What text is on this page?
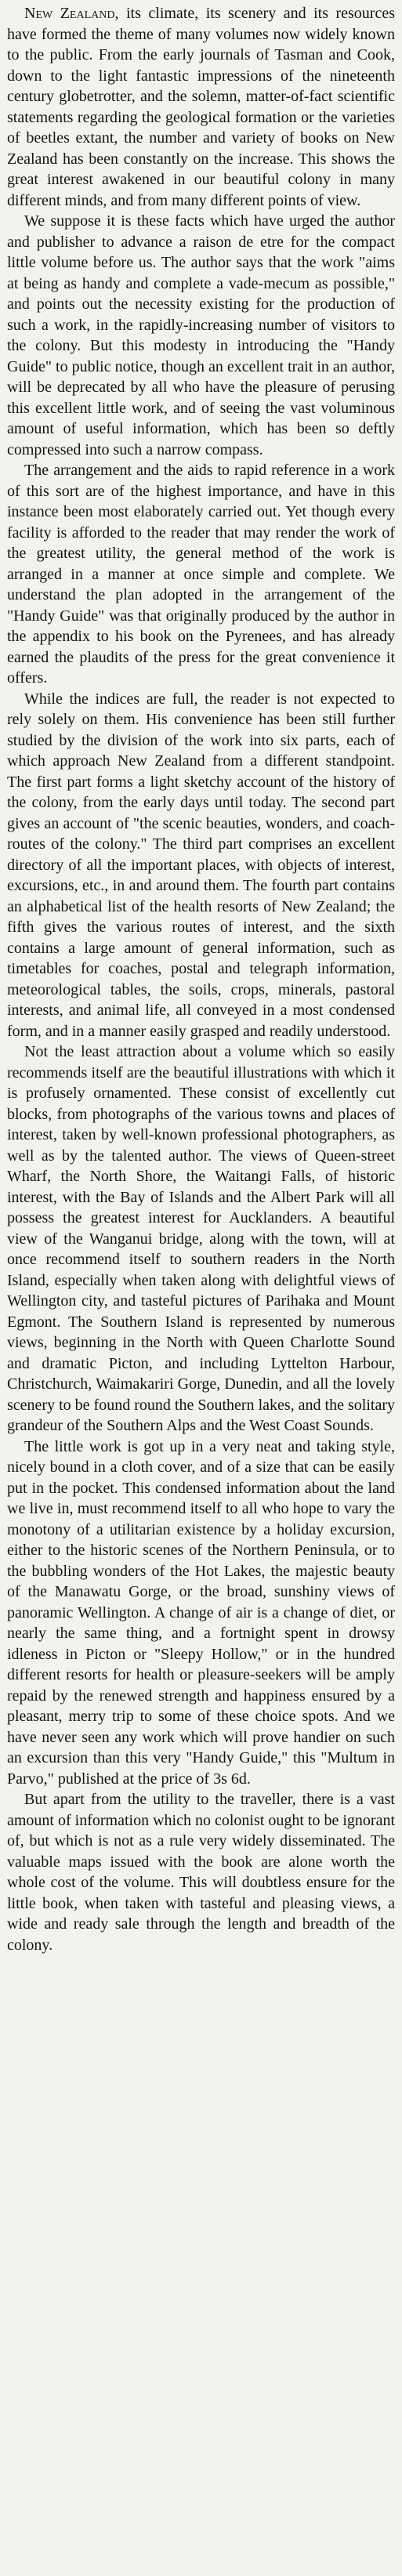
New Zealand, its climate, its scenery and its resources have formed the theme of many volumes now widely known to the public. From the early journals of Tasman and Cook, down to the light fantastic impressions of the nineteenth century globetrotter, and the solemn, matter-of-fact scientific statements regarding the geological formation or the varieties of beetles extant, the number and variety of books on New Zealand has been constantly on the increase. This shows the great interest awakened in our beautiful colony in many different minds, and from many different points of view.

We suppose it is these facts which have urged the author and publisher to advance a raison de etre for the compact little volume before us. The author says that the work "aims at being as handy and complete a vade-mecum as possible," and points out the necessity existing for the production of such a work, in the rapidly-increasing number of visitors to the colony. But this modesty in introducing the "Handy Guide" to public notice, though an excellent trait in an author, will be deprecated by all who have the pleasure of perusing this excellent little work, and of seeing the vast voluminous amount of useful information, which has been so deftly compressed into such a narrow compass.

The arrangement and the aids to rapid reference in a work of this sort are of the highest importance, and have in this instance been most elaborately carried out. Yet though every facility is afforded to the reader that may render the work of the greatest utility, the general method of the work is arranged in a manner at once simple and complete. We understand the plan adopted in the arrangement of the "Handy Guide" was that originally produced by the author in the appendix to his book on the Pyrenees, and has already earned the plaudits of the press for the great convenience it offers.

While the indices are full, the reader is not expected to rely solely on them. His convenience has been still further studied by the division of the work into six parts, each of which approach New Zealand from a different standpoint. The first part forms a light sketchy account of the history of the colony, from the early days until today. The second part gives an account of "the scenic beauties, wonders, and coach-routes of the colony." The third part comprises an excellent directory of all the important places, with objects of interest, excursions, etc., in and around them. The fourth part contains an alphabetical list of the health resorts of New Zealand; the fifth gives the various routes of interest, and the sixth contains a large amount of general information, such as timetables for coaches, postal and telegraph information, meteorological tables, the soils, crops, minerals, pastoral interests, and animal life, all conveyed in a most condensed form, and in a manner easily grasped and readily understood.

Not the least attraction about a volume which so easily recommends itself are the beautiful illustrations with which it is profusely ornamented. These consist of excellently cut blocks, from photographs of the various towns and places of interest, taken by well-known professional photographers, as well as by the talented author. The views of Queen-street Wharf, the North Shore, the Waitangi Falls, of historic interest, with the Bay of Islands and the Albert Park will all possess the greatest interest for Aucklanders. A beautiful view of the Wanganui bridge, along with the town, will at once recommend itself to southern readers in the North Island, especially when taken along with delightful views of Wellington city, and tasteful pictures of Parihaka and Mount Egmont. The Southern Island is represented by numerous views, beginning in the North with Queen Charlotte Sound and dramatic Picton, and including Lyttelton Harbour, Christchurch, Waimakariri Gorge, Dunedin, and all the lovely scenery to be found round the Southern lakes, and the solitary grandeur of the Southern Alps and the West Coast Sounds.

The little work is got up in a very neat and taking style, nicely bound in a cloth cover, and of a size that can be easily put in the pocket. This condensed information about the land we live in, must recommend itself to all who hope to vary the monotony of a utilitarian existence by a holiday excursion, either to the historic scenes of the Northern Peninsula, or to the bubbling wonders of the Hot Lakes, the majestic beauty of the Manawatu Gorge, or the broad, sunshiny views of panoramic Wellington. A change of air is a change of diet, or nearly the same thing, and a fortnight spent in drowsy idleness in Picton or "Sleepy Hollow," or in the hundred different resorts for health or pleasure-seekers will be amply repaid by the renewed strength and happiness ensured by a pleasant, merry trip to some of these choice spots. And we have never seen any work which will prove handier on such an excursion than this very "Handy Guide," this "Multum in Parvo," published at the price of 3s 6d.

But apart from the utility to the traveller, there is a vast amount of information which no colonist ought to be ignorant of, but which is not as a rule very widely disseminated. The valuable maps issued with the book are alone worth the whole cost of the volume. This will doubtless ensure for the little book, when taken with tasteful and pleasing views, a wide and ready sale through the length and breadth of the colony.
